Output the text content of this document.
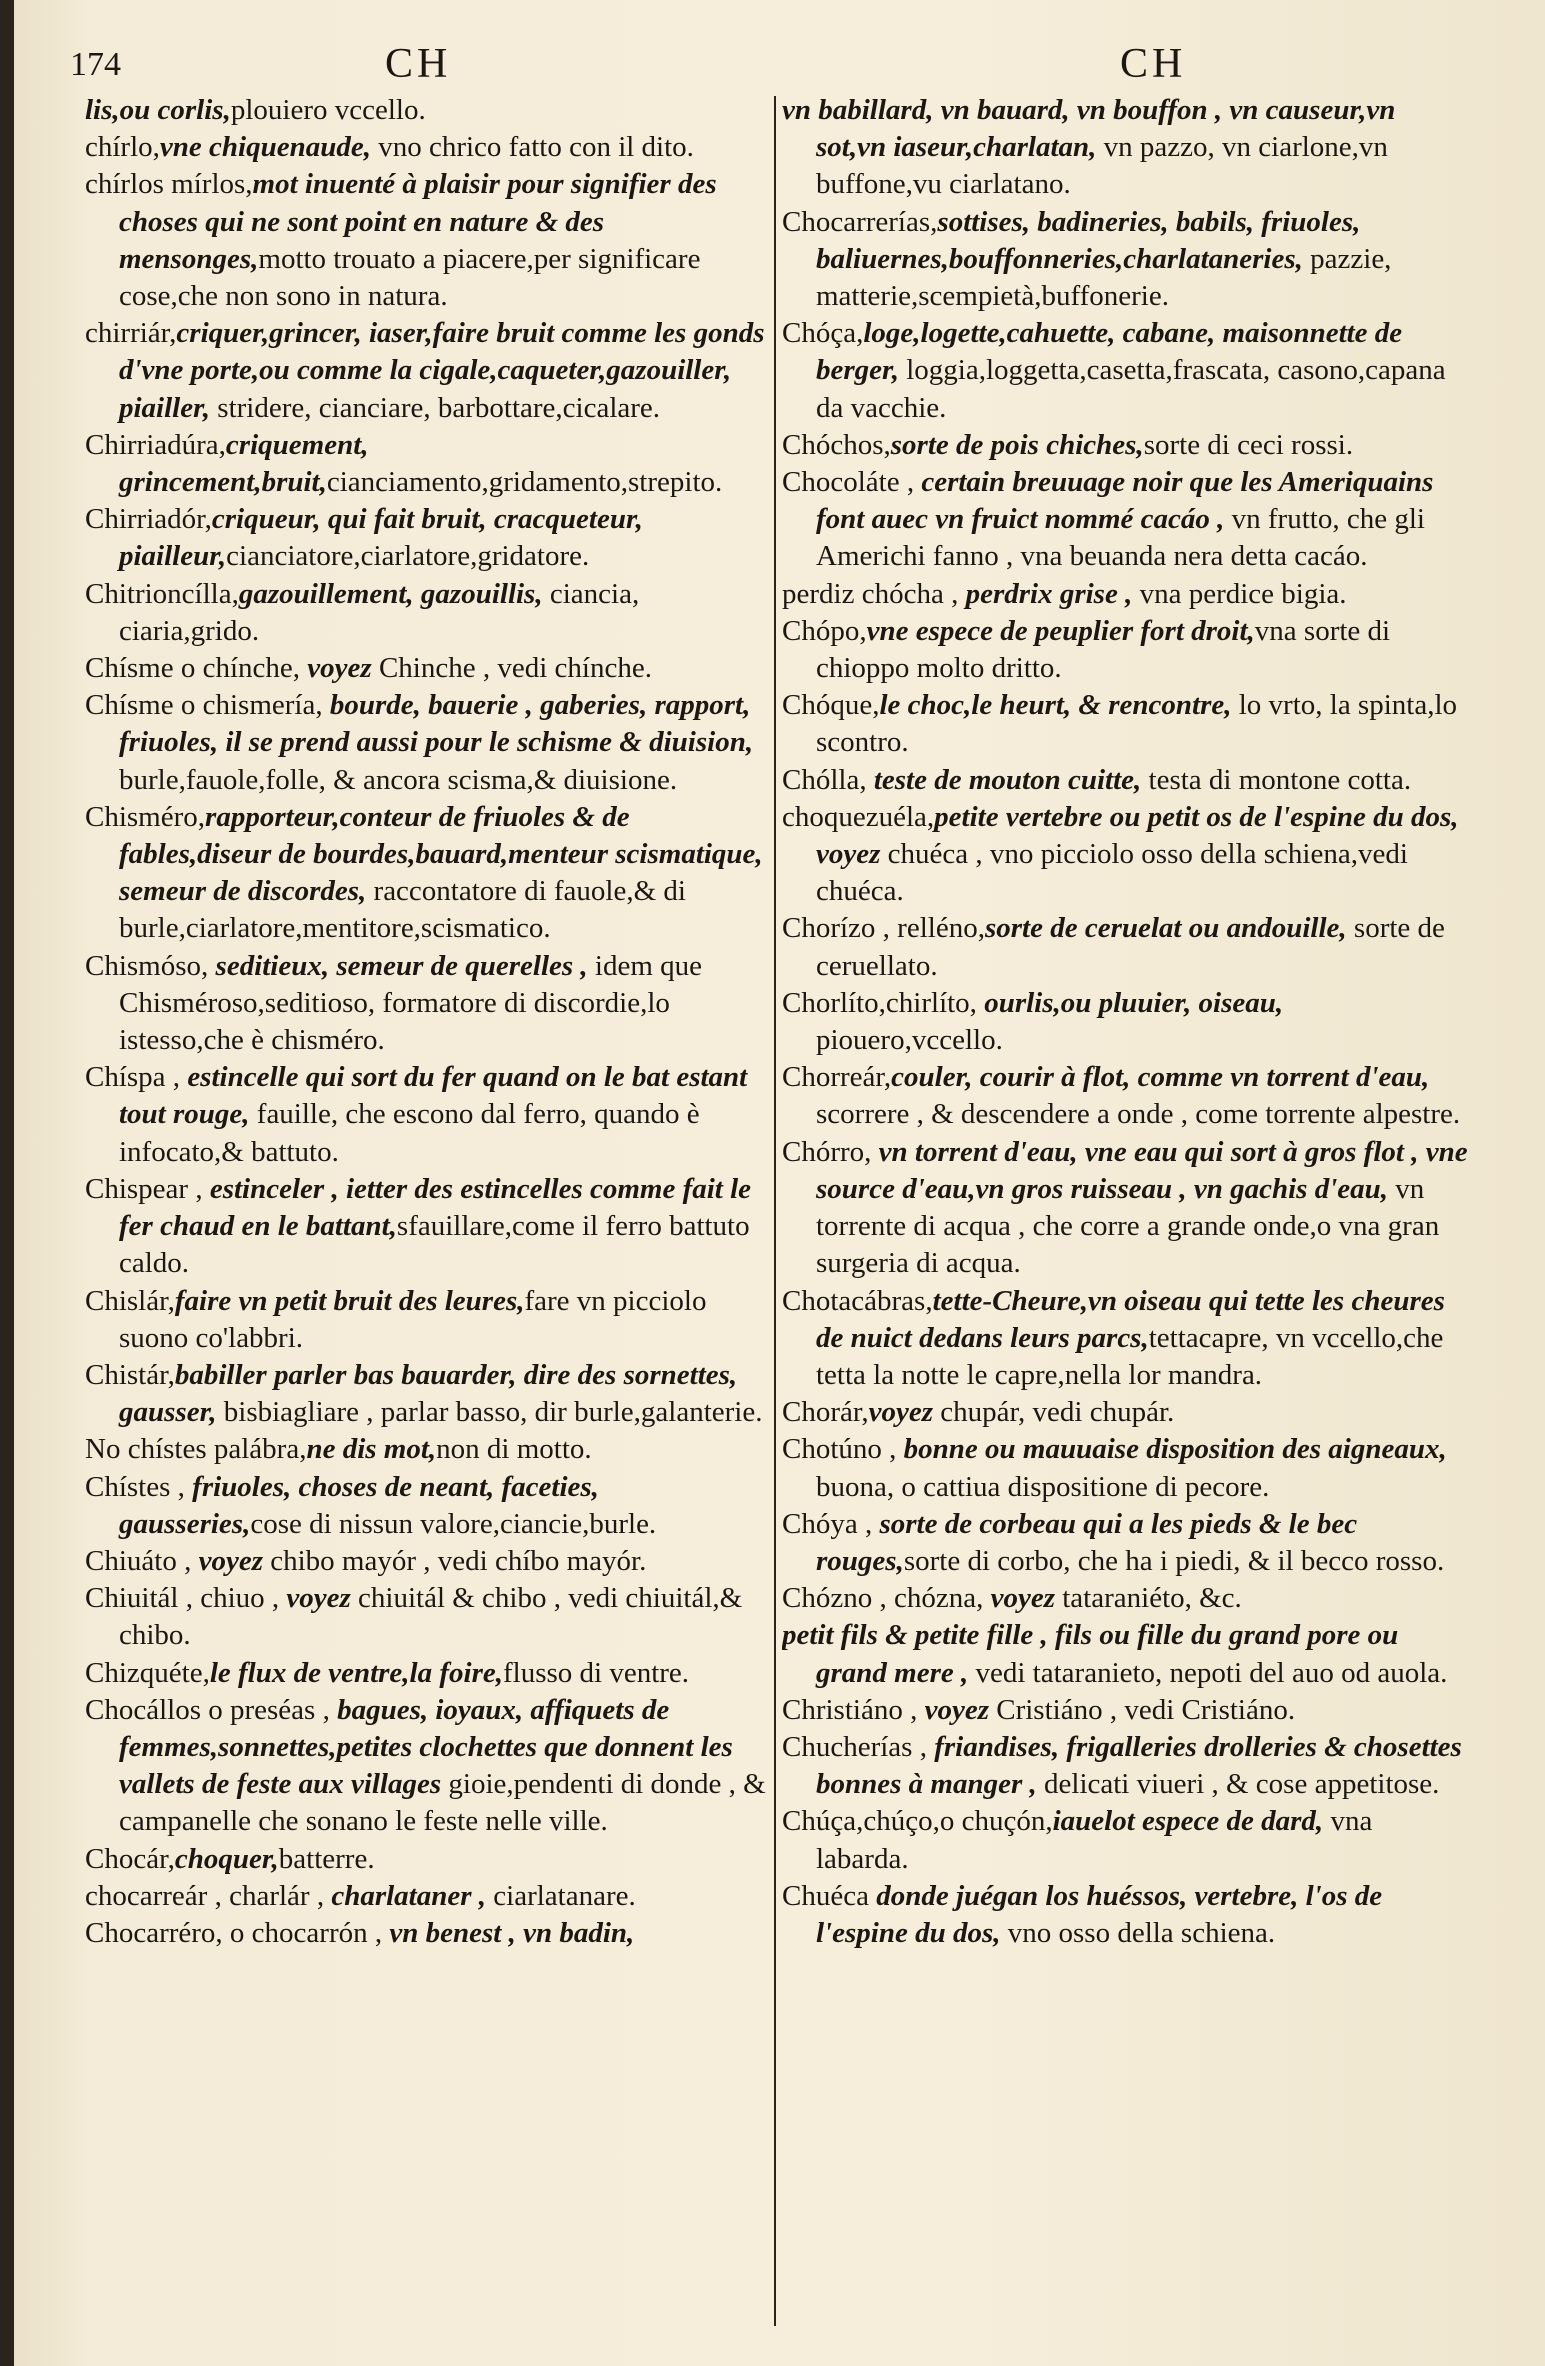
174	CH	CH

lis,ou corlis,plouiero vccello.

chírlo,vne chiquenaude, vno chrico fatto con il dito.

chírlos mírlos,mot inuenté à plaisir pour signifier des choses qui ne sont point en nature & des mensonges,motto trouato a piacere,per significare cose,che non sono in natura.

chirriár,criquer,grincer, iaser,faire bruit comme les gonds d'vne porte,ou comme la cigale,caqueter,gazouiller, piailler, stridere, cianciare, barbottare,cicalare.

Chirriadúra,criquement, grincement,bruit,cianciamento,gridamento,strepito.

Chirriadór,criqueur, qui fait bruit, cracqueteur, piailleur,cianciatore,ciarlatore,gridatore.

Chitrioncílla,gazouillement, gazouillis, ciancia, ciaria,grido.

Chísme o chínche, voyez Chinche , vedi chínche.

Chísme o chismería, bourde, bauerie , gaberies, rapport, friuoles, il se prend aussi pour le schisme & diuision, burle,fauole,folle, & ancora scisma,& diuisione.

Chisméro,rapporteur,conteur de friuoles & de fables,diseur de bourdes,bauard,menteur scismatique, semeur de discordes, raccontatore di fauole,& di burle,ciarlatore,mentitore,scismatico.

Chismóso, seditieux, semeur de querelles , idem que Chisméroso,seditioso, formatore di discordie,lo istesso,che è chisméro.

Chíspa , estincelle qui sort du fer quand on le bat estant tout rouge, fauille, che escono dal ferro, quando è infocato,& battuto.

Chispear , estinceler , ietter des estincelles comme fait le fer chaud en le battant,sfauillare,come il ferro battuto caldo.

Chislár,faire vn petit bruit des leures,fare vn picciolo suono co'labbri.

Chistár,babiller parler bas bauarder, dire des sornettes, gausser, bisbiagliare , parlar basso, dir burle,galanterie.

No chístes palábra,ne dis mot,non di motto.

Chístes , friuoles, choses de neant, faceties, gausseries,cose di nissun valore,ciancie,burle.

Chiuáto , voyez chibo mayór , vedi chíbo mayór.

Chiuitál , chiuo , voyez chiuitál & chibo , vedi chiuitál,& chibo.

Chizquéte,le flux de ventre,la foire,flusso di ventre.

Chocállos o preséas , bagues, ioyaux, affiquets de femmes,sonnettes,petites clochettes que donnent les vallets de feste aux villages gioie,pendenti di donde , & campanelle che sonano le feste nelle ville.

Chocár,choquer,batterre.

chocarreár , charlár , charlataner , ciarlatanare.

Chocarréro, o chocarrón , vn benest , vn badin,

vn babillard, vn bauard, vn bouffon , vn causeur,vn sot,vn iaseur,charlatan, vn pazzo, vn ciarlone,vn buffone,vu ciarlatano.

Chocarrerías,sottises, badineries, babils, friuoles, baliuernes,bouffonneries,charlataneries, pazzie, matterie,scempietà,buffonerie.

Chóça,loge,logette,cahuette, cabane, maisonnette de berger, loggia,loggetta,casetta,frascata, casono,capana da vacchie.

Chóchos,sorte de pois chiches,sorte di ceci rossi.

Chocoláte , certain breuuage noir que les Ameriquains font auec vn fruict nommé cacáo , vn frutto, che gli Americhi fanno , vna beuanda nera detta cacáo.

perdiz chócha , perdrix grise , vna perdice bigia.

Chópo,vne espece de peuplier fort droit,vna sorte di chioppo molto dritto.

Chóque,le choc,le heurt, & rencontre, lo vrto, la spinta,lo scontro.

Chólla, teste de mouton cuitte, testa di montone cotta.

choquezuéla,petite vertebre ou petit os de l'espine du dos, voyez chuéca , vno picciolo osso della schiena,vedi chuéca.

Chorízo , relléno,sorte de ceruelat ou andouille, sorte de ceruellato.

Chorlíto,chirlíto, ourlis,ou pluuier, oiseau, piouero,vccello.

Chorreár,couler, courir à flot, comme vn torrent d'eau, scorrere , & descendere a onde , come torrente alpestre.

Chórro, vn torrent d'eau, vne eau qui sort à gros flot , vne source d'eau,vn gros ruisseau , vn gachis d'eau, vn torrente di acqua , che corre a grande onde,o vna gran surgeria di acqua.

Chotacábras,tette-Cheure,vn oiseau qui tette les cheures de nuict dedans leurs parcs,tettacapre, vn vccello,che tetta la notte le capre,nella lor mandra.

Chorár,voyez chupár, vedi chupár.

Chotúno , bonne ou mauuaise disposition des aigneaux, buona, o cattiua dispositione di pecore.

Chóya , sorte de corbeau qui a les pieds & le bec rouges,sorte di corbo, che ha i piedi, & il becco rosso.

Chózno , chózna, voyez tataraniéto, &c.

petit fils & petite fille , fils ou fille du grand pore ou grand mere , vedi tataranieto, nepoti del auo od auola.

Christiáno , voyez Cristiáno , vedi Cristiáno.

Chucherías , friandises, frigalleries drolleries & chosettes bonnes à manger , delicati viueri , & cose appetitose.

Chúça,chúço,o chuçón,iauelot espece de dard, vna labarda.

Chuéca donde juégan los huéssos, vertebre, l'os de l'espine du dos, vno osso della schiena.
